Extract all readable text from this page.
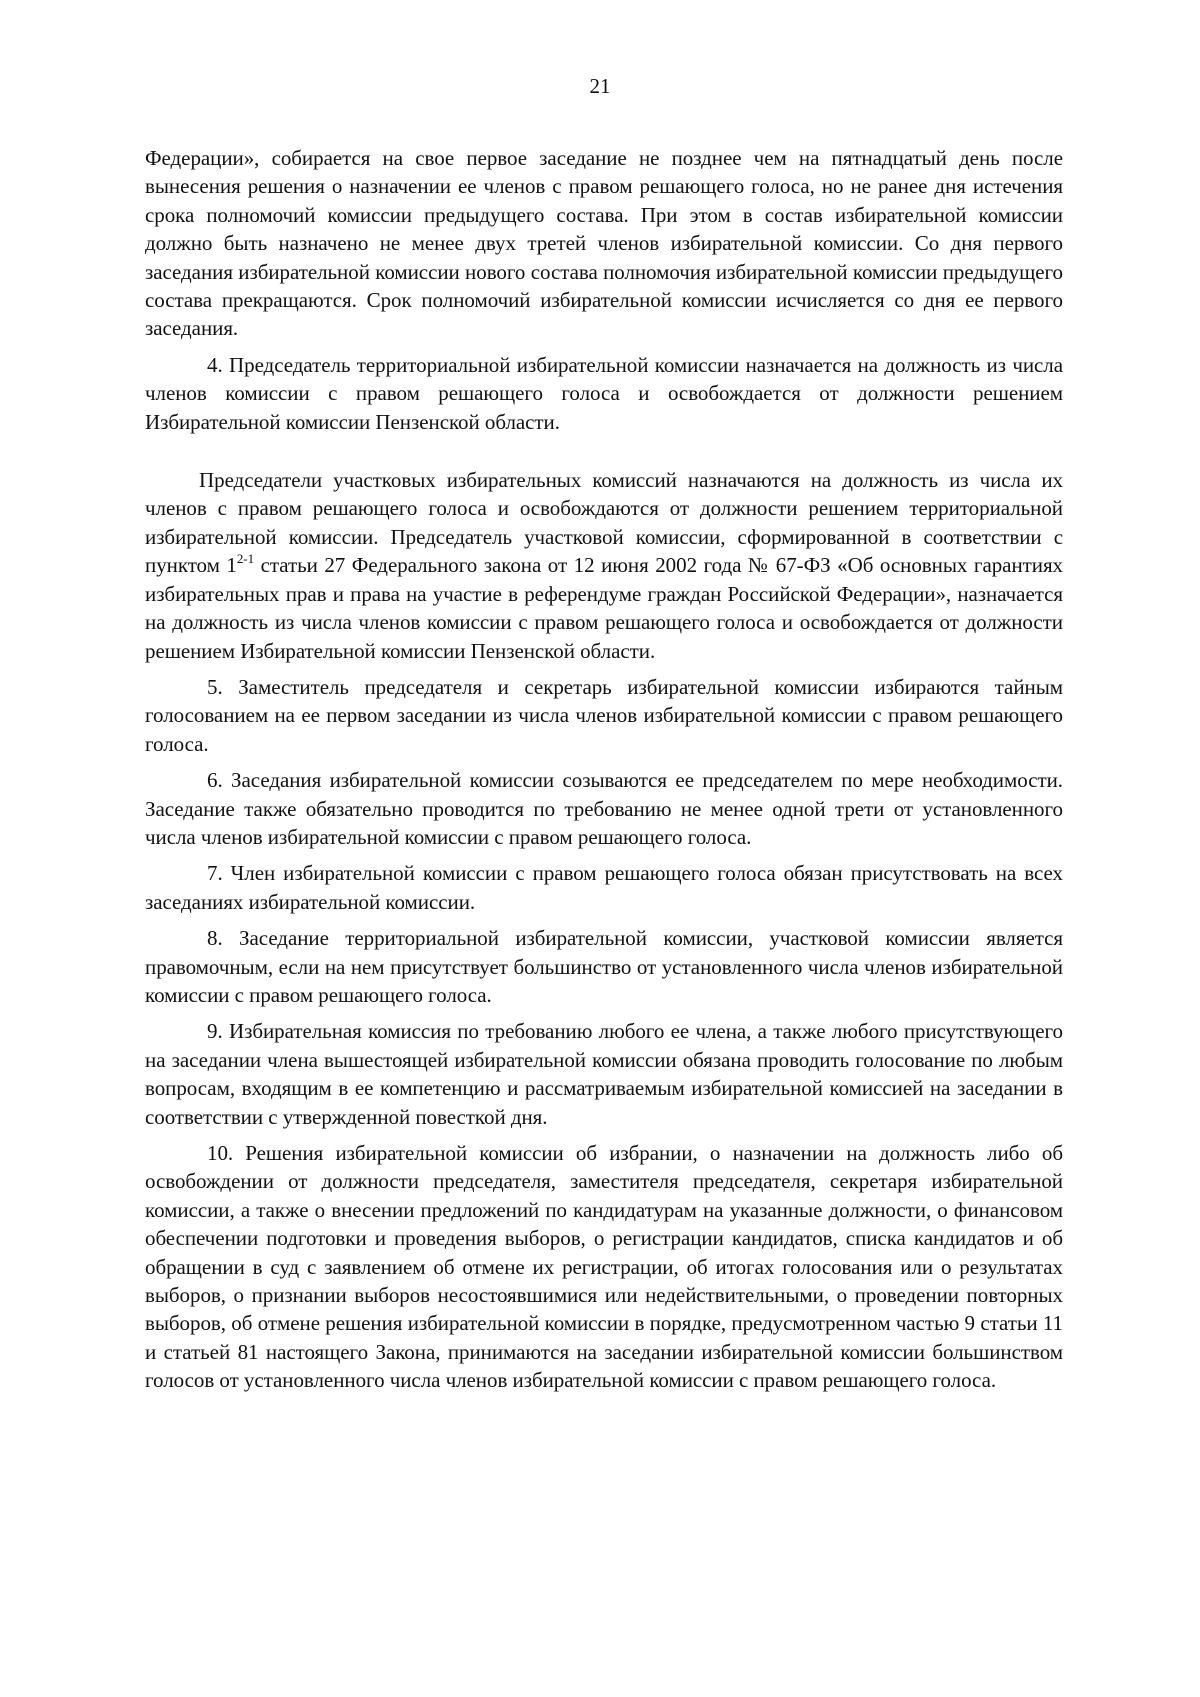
21

Федерации», собирается на свое первое заседание не позднее чем на пятнадцатый день после вынесения решения о назначении ее членов с правом решающего голоса, но не ранее дня истечения срока полномочий комиссии предыдущего состава. При этом в состав избирательной комиссии должно быть назначено не менее двух третей членов избирательной комиссии. Со дня первого заседания избирательной комиссии нового состава полномочия избирательной комиссии предыдущего состава прекращаются. Срок полномочий избирательной комиссии исчисляется со дня ее первого заседания.

4. Председатель территориальной избирательной комиссии назначается на должность из числа членов комиссии с правом решающего голоса и освобождается от должности решением Избирательной комиссии Пензенской области.

Председатели участковых избирательных комиссий назначаются на должность из числа их членов с правом решающего голоса и освобождаются от должности решением территориальной избирательной комиссии. Председатель участковой комиссии, сформированной в соответствии с пунктом 1$^{2-1}$ статьи 27 Федерального закона от 12 июня 2002 года № 67-ФЗ «Об основных гарантиях избирательных прав и права на участие в референдуме граждан Российской Федерации», назначается на должность из числа членов комиссии с правом решающего голоса и освобождается от должности решением Избирательной комиссии Пензенской области.

5. Заместитель председателя и секретарь избирательной комиссии избираются тайным голосованием на ее первом заседании из числа членов избирательной комиссии с правом решающего голоса.

6. Заседания избирательной комиссии созываются ее председателем по мере необходимости. Заседание также обязательно проводится по требованию не менее одной трети от установленного числа членов избирательной комиссии с правом решающего голоса.

7. Член избирательной комиссии с правом решающего голоса обязан присутствовать на всех заседаниях избирательной комиссии.

8. Заседание территориальной избирательной комиссии, участковой комиссии является правомочным, если на нем присутствует большинство от установленного числа членов избирательной комиссии с правом решающего голоса.

9. Избирательная комиссия по требованию любого ее члена, а также любого присутствующего на заседании члена вышестоящей избирательной комиссии обязана проводить голосование по любым вопросам, входящим в ее компетенцию и рассматриваемым избирательной комиссией на заседании в соответствии с утвержденной повесткой дня.

10. Решения избирательной комиссии об избрании, о назначении на должность либо об освобождении от должности председателя, заместителя председателя, секретаря избирательной комиссии, а также о внесении предложений по кандидатурам на указанные должности, о финансовом обеспечении подготовки и проведения выборов, о регистрации кандидатов, списка кандидатов и об обращении в суд с заявлением об отмене их регистрации, об итогах голосования или о результатах выборов, о признании выборов несостоявшимися или недействительными, о проведении повторных выборов, об отмене решения избирательной комиссии в порядке, предусмотренном частью 9 статьи 11 и статьей 81 настоящего Закона, принимаются на заседании избирательной комиссии большинством голосов от установленного числа членов избирательной комиссии с правом решающего голоса.
